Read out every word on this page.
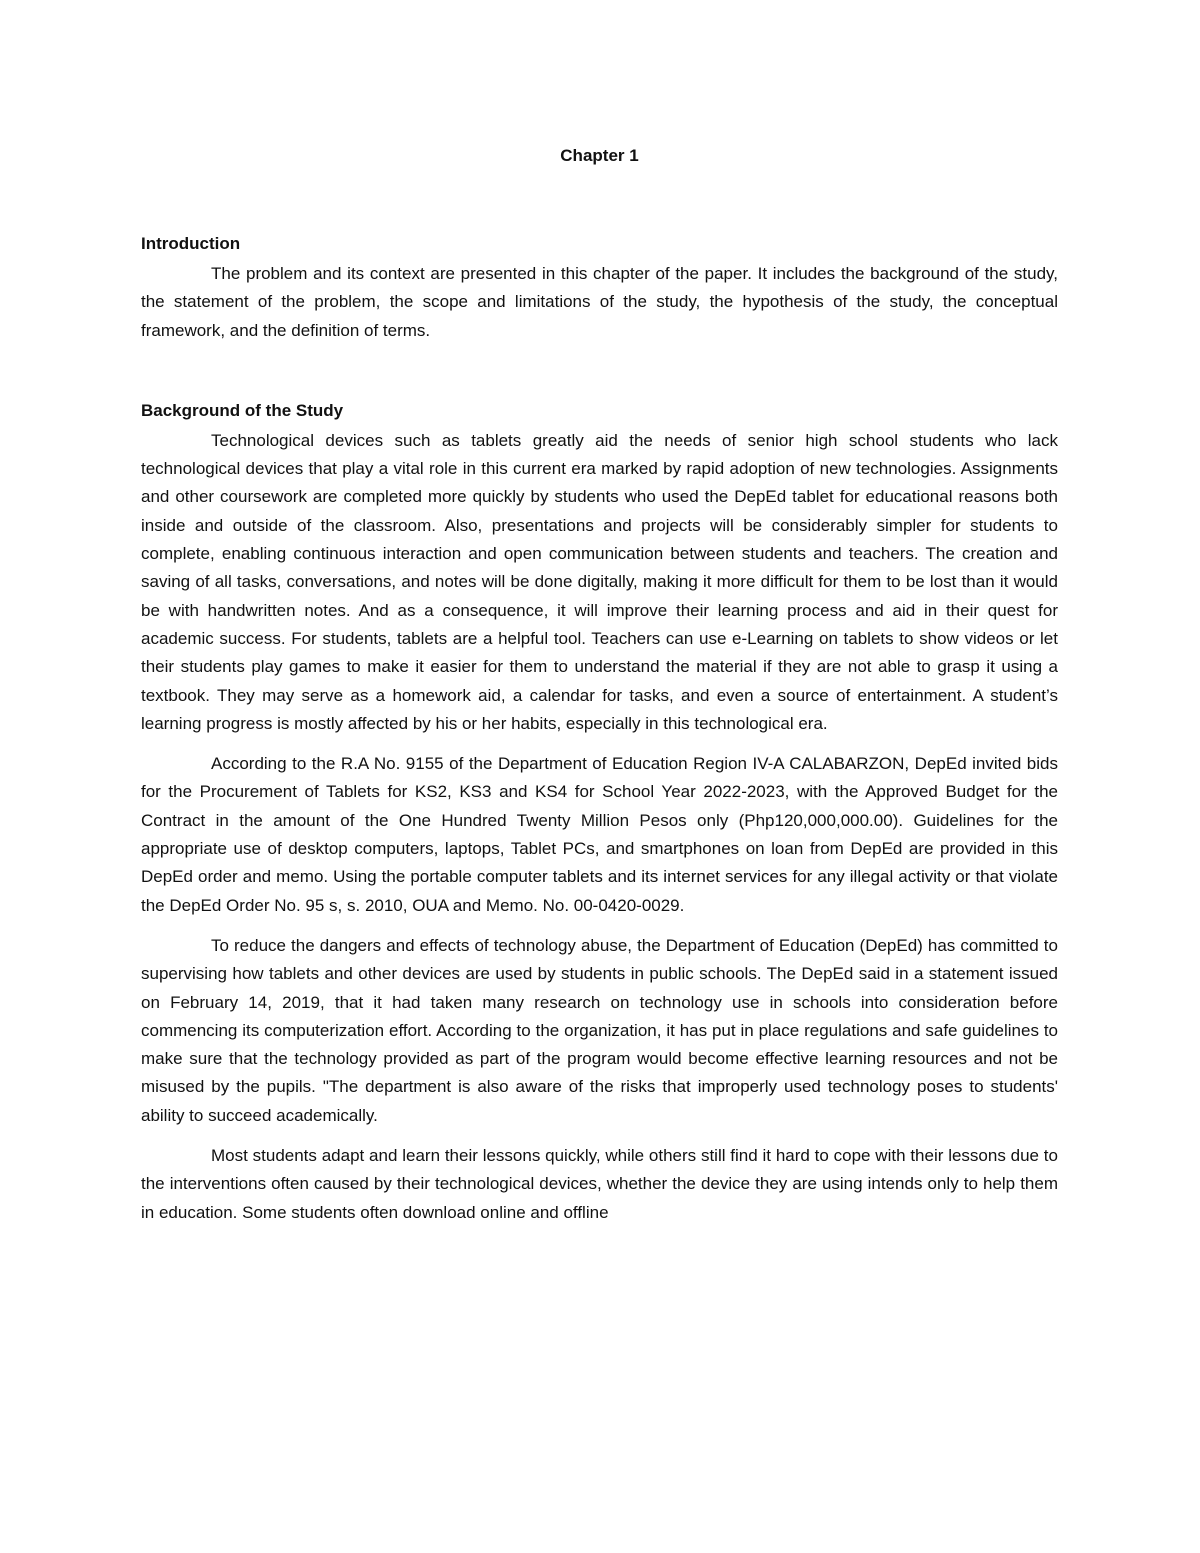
Chapter 1
Introduction

The problem and its context are presented in this chapter of the paper. It includes the background of the study, the statement of the problem, the scope and limitations of the study, the hypothesis of the study, the conceptual framework, and the definition of terms.

Background of the Study

Technological devices such as tablets greatly aid the needs of senior high school students who lack technological devices that play a vital role in this current era marked by rapid adoption of new technologies. Assignments and other coursework are completed more quickly by students who used the DepEd tablet for educational reasons both inside and outside of the classroom. Also, presentations and projects will be considerably simpler for students to complete, enabling continuous interaction and open communication between students and teachers. The creation and saving of all tasks, conversations, and notes will be done digitally, making it more difficult for them to be lost than it would be with handwritten notes. And as a consequence, it will improve their learning process and aid in their quest for academic success. For students, tablets are a helpful tool. Teachers can use e-Learning on tablets to show videos or let their students play games to make it easier for them to understand the material if they are not able to grasp it using a textbook. They may serve as a homework aid, a calendar for tasks, and even a source of entertainment. A student’s learning progress is mostly affected by his or her habits, especially in this technological era.

According to the R.A No. 9155 of the Department of Education Region IV-A CALABARZON, DepEd invited bids for the Procurement of Tablets for KS2, KS3 and KS4 for School Year 2022-2023, with the Approved Budget for the Contract in the amount of the One Hundred Twenty Million Pesos only (Php120,000,000.00). Guidelines for the appropriate use of desktop computers, laptops, Tablet PCs, and smartphones on loan from DepEd are provided in this DepEd order and memo. Using the portable computer tablets and its internet services for any illegal activity or that violate the DepEd Order No. 95 s, s. 2010, OUA and Memo. No. 00-0420-0029.

To reduce the dangers and effects of technology abuse, the Department of Education (DepEd) has committed to supervising how tablets and other devices are used by students in public schools. The DepEd said in a statement issued on February 14, 2019, that it had taken many research on technology use in schools into consideration before commencing its computerization effort. According to the organization, it has put in place regulations and safe guidelines to make sure that the technology provided as part of the program would become effective learning resources and not be misused by the pupils. "The department is also aware of the risks that improperly used technology poses to students' ability to succeed academically.

Most students adapt and learn their lessons quickly, while others still find it hard to cope with their lessons due to the interventions often caused by their technological devices, whether the device they are using intends only to help them in education. Some students often download online and offline
